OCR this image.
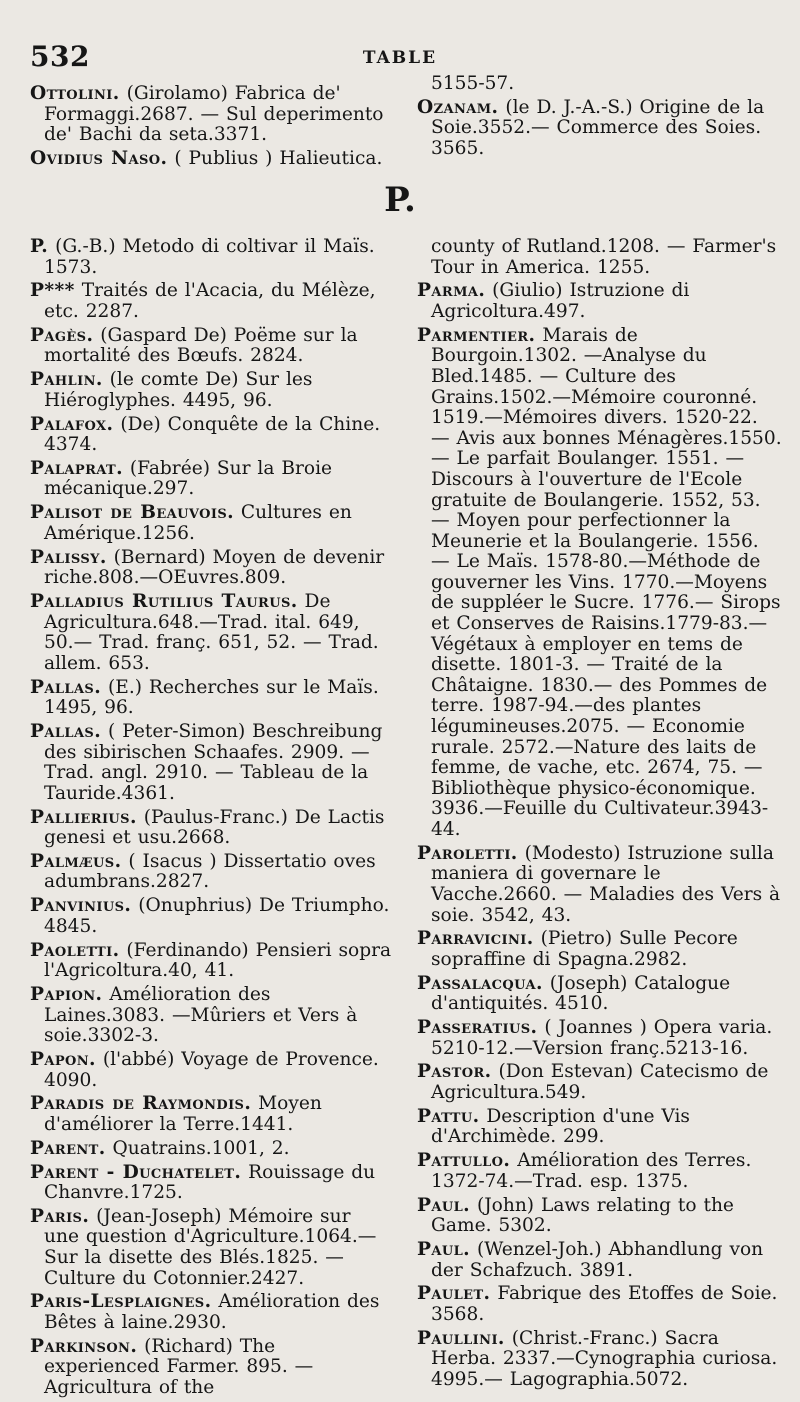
532	TABLE
Ottolini. (Girolamo) Fabrica de' Formaggi.2687. — Sul deperimento de' Bachi da seta.3371.
Ovidius Naso. ( Publius ) Halieutica.
5155-57.
Ozanam. (le D. J.-A.-S.) Origine de la Soie.3552.— Commerce des Soies. 3565.
P.
P. (G.-B.) Metodo di coltivar il Maïs. 1573.
P*** Traités de l'Acacia, du Mélèze, etc. 2287.
Pagès. (Gaspard De) Poëme sur la mortalité des Bœufs. 2824.
Pahlin. (le comte De) Sur les Hiéroglyphes. 4495, 96.
Palafox. (De) Conquête de la Chine. 4374.
Palaprat. (Fabrée) Sur la Broie mécanique.297.
Palisot de Beauvois. Cultures en Amérique.1256.
Palissy. (Bernard) Moyen de devenir riche.808.—OEuvres.809.
Palladius Rutilius Taurus. De Agricultura.648.—Trad. ital. 649, 50.— Trad. franç. 651, 52. — Trad. allem. 653.
Pallas. (E.) Recherches sur le Maïs. 1495, 96.
Pallas. ( Peter-Simon) Beschreibung des sibirischen Schaafes. 2909. — Trad. angl. 2910. — Tableau de la Tauride.4361.
Pallierius. (Paulus-Franc.) De Lactis genesi et usu.2668.
Palmæus. ( Isacus ) Dissertatio oves adumbrans.2827.
Panvinius. (Onuphrius) De Triumpho. 4845.
Paoletti. (Ferdinando) Pensieri sopra l'Agricoltura.40, 41.
Papion. Amélioration des Laines.3083. —Mûriers et Vers à soie.3302-3.
Papon. (l'abbé) Voyage de Provence. 4090.
Paradis de Raymondis. Moyen d'améliorer la Terre.1441.
Parent. Quatrains.1001, 2.
Parent - Duchatelet. Rouissage du Chanvre.1725.
Paris. (Jean-Joseph) Mémoire sur une question d'Agriculture.1064.—Sur la disette des Blés.1825. — Culture du Cotonnier.2427.
Paris-Lesplaignes. Amélioration des Bêtes à laine.2930.
Parkinson. (Richard) The experienced Farmer. 895. — Agricultura of the
county of Rutland.1208. — Farmer's Tour in America. 1255.
Parma. (Giulio) Istruzione di Agricoltura.497.
Parmentier. Marais de Bourgoin.1302. —Analyse du Bled.1485. — Culture des Grains.1502.—Mémoire couronné. 1519.—Mémoires divers. 1520-22. — Avis aux bonnes Ménagères.1550. — Le parfait Boulanger. 1551. — Discours à l'ouverture de l'Ecole gratuite de Boulangerie. 1552, 53. — Moyen pour perfectionner la Meunerie et la Boulangerie. 1556. — Le Maïs. 1578-80.—Méthode de gouverner les Vins. 1770.—Moyens de suppléer le Sucre. 1776.— Sirops et Conserves de Raisins.1779-83.— Végétaux à employer en tems de disette. 1801-3. — Traité de la Châtaigne. 1830.— des Pommes de terre. 1987-94.—des plantes légumineuses.2075. — Economie rurale. 2572.—Nature des laits de femme, de vache, etc. 2674, 75. — Bibliothèque physico-économique. 3936.—Feuille du Cultivateur.3943-44.
Paroletti. (Modesto) Istruzione sulla maniera di governare le Vacche.2660. — Maladies des Vers à soie. 3542, 43.
Parravicini. (Pietro) Sulle Pecore sopraffine di Spagna.2982.
Passalacqua. (Joseph) Catalogue d'antiquités. 4510.
Passeratius. ( Joannes ) Opera varia. 5210-12.—Version franç.5213-16.
Pastor. (Don Estevan) Catecismo de Agricultura.549.
Pattu. Description d'une Vis d'Archimède. 299.
Pattullo. Amélioration des Terres. 1372-74.—Trad. esp. 1375.
Paul. (John) Laws relating to the Game. 5302.
Paul. (Wenzel-Joh.) Abhandlung von der Schafzuch. 3891.
Paulet. Fabrique des Etoffes de Soie. 3568.
Paullini. (Christ.-Franc.) Sacra Herba. 2337.—Cynographia curiosa. 4995.— Lagographia.5072.
